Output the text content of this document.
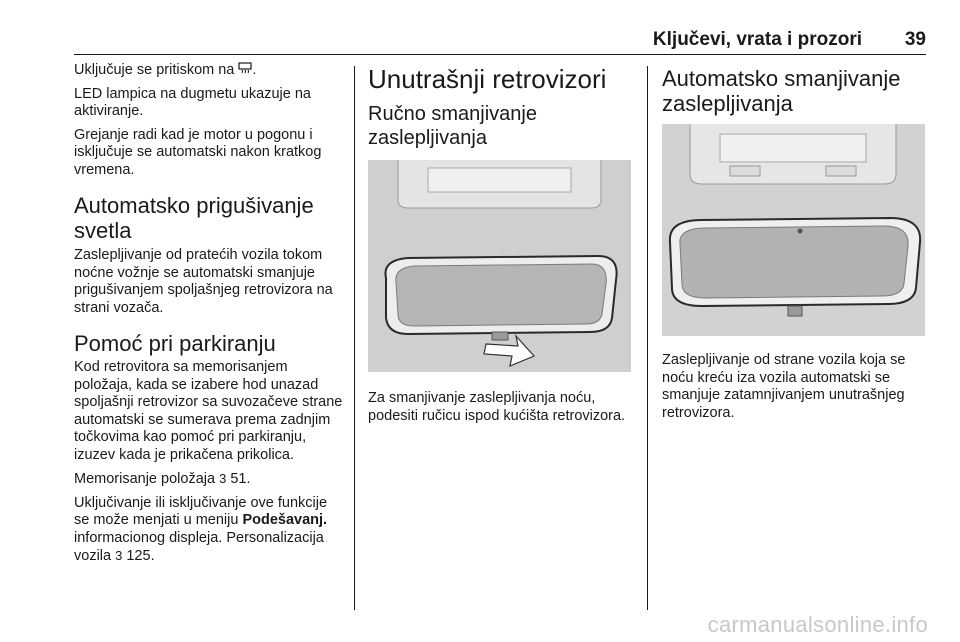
Ključevi, vrata i prozori 39

Uključuje se pritiskom na .

LED lampica na dugmetu ukazuje na aktiviranje.

Grejanje radi kad je motor u pogonu i isključuje se automatski nakon kratkog vremena.

Automatsko prigušivanje svetla

Zaslepljivanje od pratećih vozila tokom noćne vožnje se automatski smanjuje prigušivanjem spoljašnjeg retrovizora na strani vozača.

Pomoć pri parkiranju

Kod retrovitora sa memorisanjem položaja, kada se izabere hod unazad spoljašnji retrovizor sa suvozačeve strane automatski se sumerava prema zadnjim točkovima kao pomoć pri parkiranju, izuzev kada je prikačena prikolica.

Memorisanje položaja 3 51.

Uključivanje ili isključivanje ove funkcije se može menjati u meniju Podešavanj. informacionog displeja. Personalizacija vozila 3 125.

Unutrašnji retrovizori
Ručno smanjivanje zaslepljivanja

Za smanjivanje zaslepljivanja noću, podesiti ručicu ispod kućišta retrovizora.

Automatsko smanjivanje zaslepljivanja

Zaslepljivanje od strane vozila koja se noću kreću iza vozila automatski se smanjuje zatamnjivanjem unutrašnjeg retrovizora.

carmanualsonline.info
